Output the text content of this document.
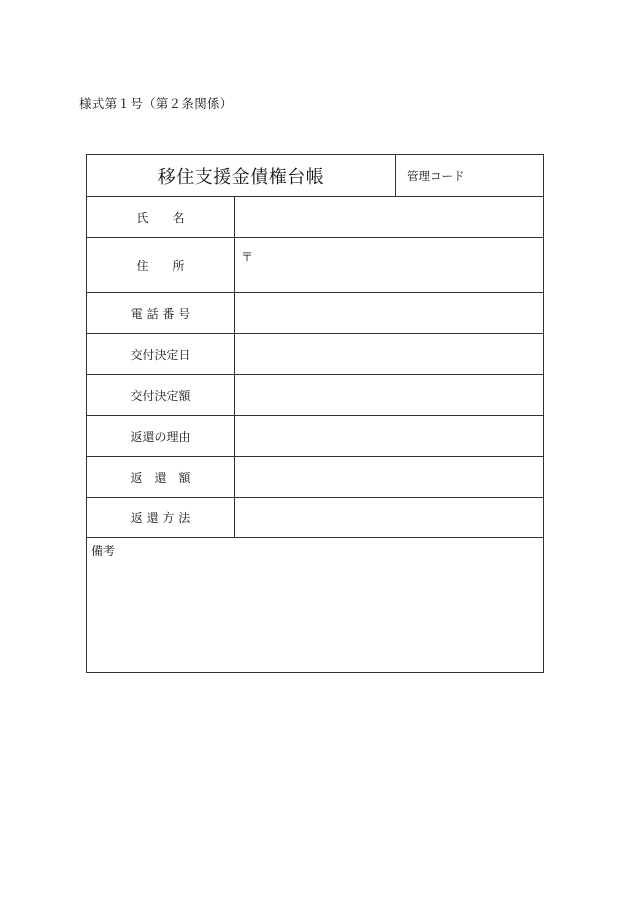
様式第１号（第２条関係）
移住支援金債権台帳	管理コード
氏　　名
住　　所
〒
電 話 番 号
交付決定日
交付決定額
返還の理由
返　還　額
返 還 方 法
備考
